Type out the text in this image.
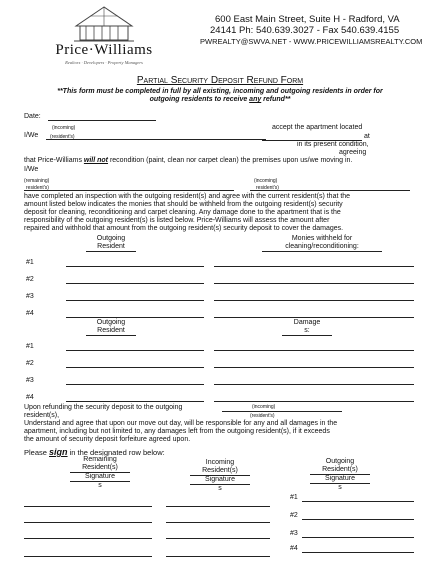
Price·Williams
Realtors · Developers · Property Managers
600 East Main Street, Suite H - Radford, VA
24141 Ph: 540.639.3027 - Fax 540.639.4155
PWREALTY@SWVA.NET - WWW.PRICEWILLIAMSREALTY.COM
Partial Security Deposit Refund Form
**This form must be completed in full by all existing, incoming and outgoing residents in order for
outgoing residents to receive any refund**
Date:
(incoming)
I/We (resident's)
accept the apartment located
at
in its present condition,
agreeing
that Price-Williams will not recondition (paint, clean nor carpet clean) the premises upon us/we moving in.
I/We
(remaining)
resident's)
(incoming)
resident's)
have completed an inspection with the outgoing resident(s) and agree with the current resident(s) that the
amount listed below indicates the monies that should be withheld from the outgoing resident(s) security
deposit for cleaning, reconditioning and carpet cleaning. Any damage done to the apartment that is the
responsibility of the outgoing resident(s) is listed below. Price-Williams will assess the amount after
repaired and withhold that amount from the outgoing resident(s) security deposit to cover the damages.
Outgoing
Resident
Monies withheld for
cleaning/reconditioning:
#1
#2
#3
#4
Outgoing
Resident
Damage
s:
#1
#2
#3
#4
Upon refunding the security deposit to the outgoing
resident(s),
(incoming)
(resident's)
Understand and agree that upon our move out day, will be responsible for any and all damages in the
apartment, including but not limited to, any damages left from the outgoing resident(s), if it exceeds
the amount of security deposit forfeiture agreed upon.
Please sign in the designated row below:
Remaining
Resident(s)
Signature
s
Incoming
Resident(s)
Signature
s
Outgoing
Resident(s)
Signature
s
#1
#2
#3
#4
